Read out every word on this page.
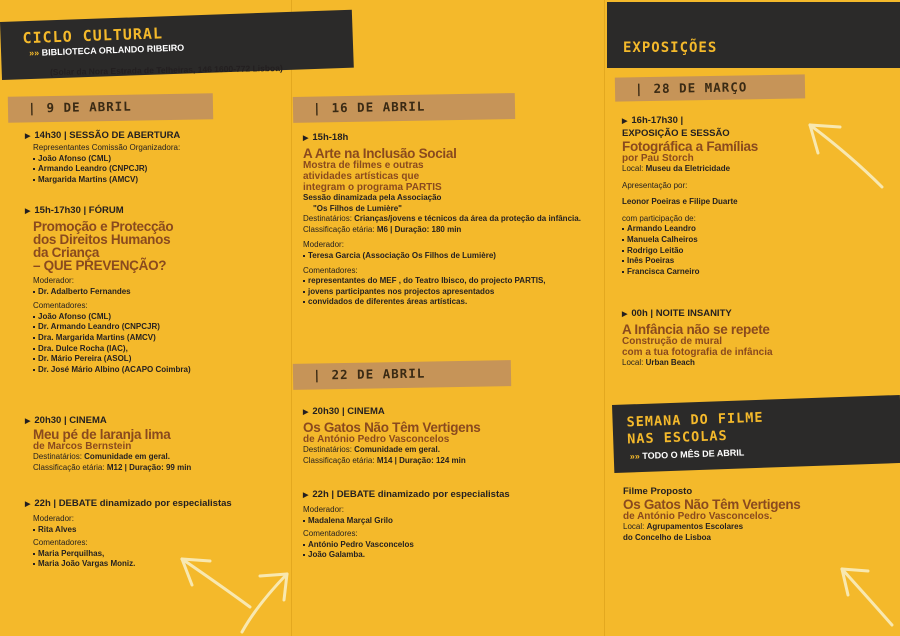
CICLO CULTURAL
»» BIBLIOTECA ORLANDO RIBEIRO
(Solar da Nora Estrada de Telheiras, 146 1600-772 Lisboa)
| 9 DE ABRIL
▶ 14h30 | SESSÃO DE ABERTURA
Representantes Comissão Organizadora:
João Afonso (CML)
Armando Leandro (CNPCJR)
Margarida Martins (AMCV)
▶ 15h-17h30 | FÓRUM
Promoção e Protecção
dos Direitos Humanos
da Criança
– QUE PREVENÇÃO?
Moderador:
Dr. Adalberto Fernandes
Comentadores:
João Afonso (CML)
Dr. Armando Leandro (CNPCJR)
Dra. Margarida Martins (AMCV)
Dra. Dulce Rocha (IAC),
Dr. Mário Pereira (ASOL)
Dr. José Mário Albino (ACAPO Coimbra)
▶ 20h30 | CINEMA
Meu pé de laranja lima
de Marcos Bernstein
Destinatários: Comunidade em geral.
Classificação etária: M12 | Duração: 99 min
▶ 22h | DEBATE dinamizado por especialistas
Moderador:
Rita Alves
Comentadores:
Maria Perquilhas,
Maria João Vargas Moniz.
| 16 DE ABRIL
▶ 15h-18h
A Arte na Inclusão Social
Mostra de filmes e outras
atividades artísticas que
integram o programa PARTIS
Sessão dinamizada pela Associação
"Os Filhos de Lumière"
Destinatários: Crianças/jovens e técnicos da área da proteção da infância.
Classificação etária: M6 | Duração: 180 min
Moderador:
Teresa Garcia (Associação Os Filhos de Lumière)
Comentadores:
representantes do MEF , do Teatro Ibisco, do projecto PARTIS,
jovens participantes nos projectos apresentados
convidados de diferentes áreas artísticas.
| 22 DE ABRIL
▶ 20h30 | CINEMA
Os Gatos Não Têm Vertigens
de António Pedro Vasconcelos
Destinatários: Comunidade em geral.
Classificação etária: M14 | Duração: 124 min
▶ 22h | DEBATE dinamizado por especialistas
Moderador:
Madalena Marçal Grilo
Comentadores:
António Pedro Vasconcelos
João Galamba.
EXPOSIÇÕES
| 28 DE MARÇO
▶ 16h-17h30 |
EXPOSIÇÃO E SESSÃO
Fotográfica a Famílias
por Pau Storch
Local: Museu da Eletricidade
Apresentação por:
Leonor Poeiras e Filipe Duarte
com participação de:
Armando Leandro
Manuela Calheiros
Rodrigo Leitão
Inês Poeiras
Francisca Carneiro
▶ 00h | NOITE INSANITY
A Infância não se repete
Construção de mural
com a tua fotografia de infância
Local: Urban Beach
SEMANA DO FILME
NAS ESCOLAS
»» TODO O MÊS DE ABRIL
Filme Proposto
Os Gatos Não Têm Vertigens
de António Pedro Vasconcelos.
Local: Agrupamentos Escolares
do Concelho de Lisboa
